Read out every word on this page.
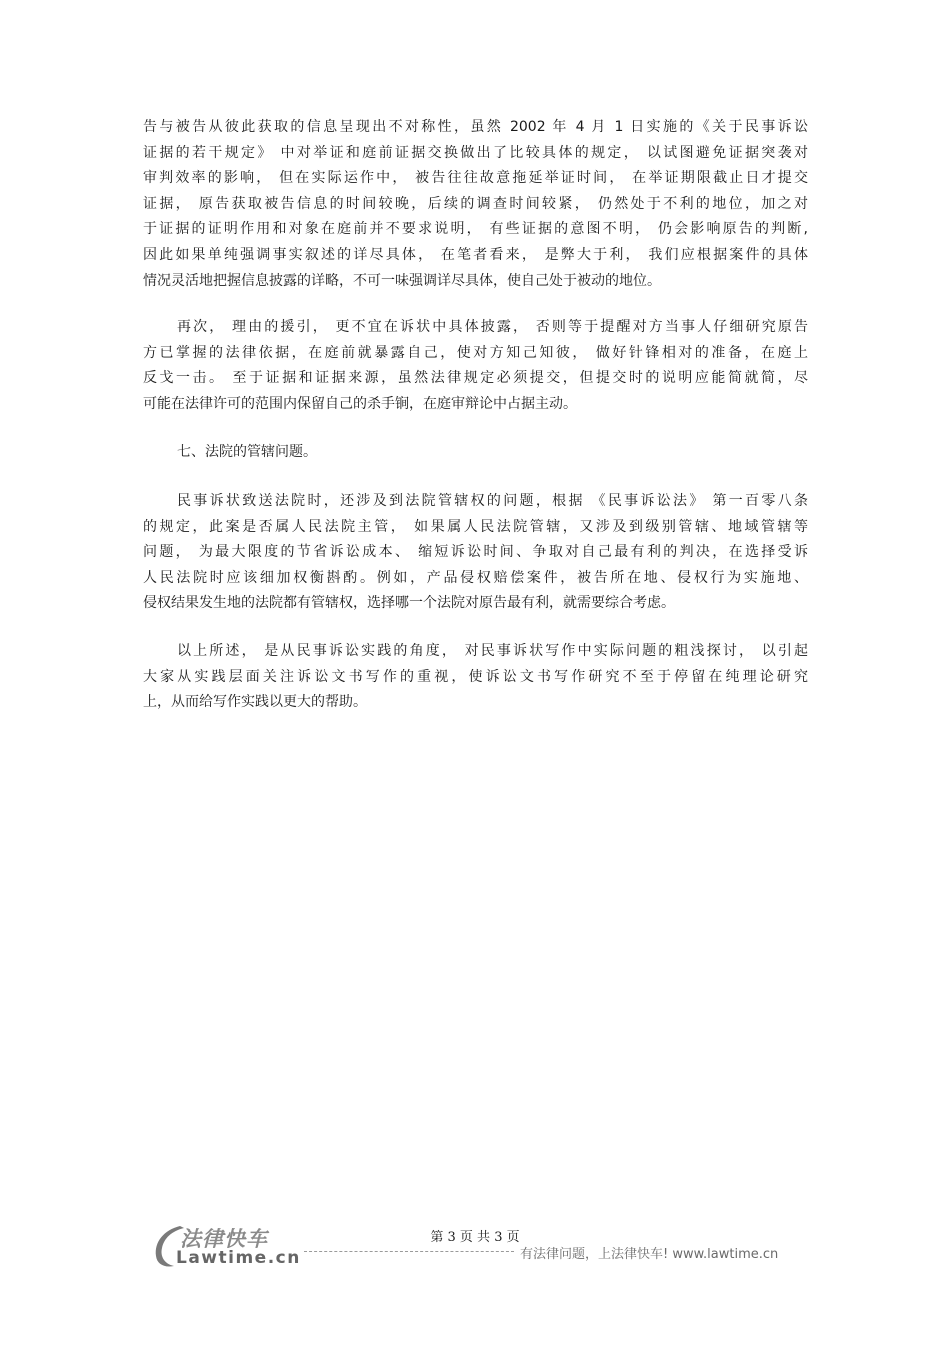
告与被告从彼此获取的信息呈现出不对称性，虽然 2002 年 4 月 1 日实施的《关于民事诉讼
证据的若干规定》 中对举证和庭前证据交换做出了比较具体的规定， 以试图避免证据突袭对
审判效率的影响， 但在实际运作中， 被告往往故意拖延举证时间， 在举证期限截止日才提交
证据， 原告获取被告信息的时间较晚，后续的调查时间较紧， 仍然处于不利的地位，加之对
于证据的证明作用和对象在庭前并不要求说明， 有些证据的意图不明， 仍会影响原告的判断,
因此如果单纯强调事实叙述的详尽具体， 在笔者看来， 是弊大于利， 我们应根据案件的具体
情况灵活地把握信息披露的详略，不可一味强调详尽具体，使自己处于被动的地位。
再次， 理由的援引， 更不宜在诉状中具体披露， 否则等于提醒对方当事人仔细研究原告
方已掌握的法律依据，在庭前就暴露自己，使对方知己知彼， 做好针锋相对的准备，在庭上
反戈一击。 至于证据和证据来源，虽然法律规定必须提交，但提交时的说明应能简就简，尽
可能在法律许可的范围内保留自己的杀手锏，在庭审辩论中占据主动。

七、法院的管辖问题。

民事诉状致送法院时，还涉及到法院管辖权的问题，根据 《民事诉讼法》 第一百零八条
的规定，此案是否属人民法院主管， 如果属人民法院管辖，又涉及到级别管辖、地域管辖等
问题， 为最大限度的节省诉讼成本、 缩短诉讼时间、争取对自己最有利的判决，在选择受诉
人民法院时应该细加权衡斟酌。例如，产品侵权赔偿案件，被告所在地、侵权行为实施地、
侵权结果发生地的法院都有管辖权，选择哪一个法院对原告最有利，就需要综合考虑。
以上所述， 是从民事诉讼实践的角度， 对民事诉状写作中实际问题的粗浅探讨， 以引起
大家从实践层面关注诉讼文书写作的重视，使诉讼文书写作研究不至于停留在纯理论研究
上，从而给写作实践以更大的帮助。
第 3 页 共 3 页
法律快车
Lawtime.cn	有法律问题，上法律快车! www.lawtime.cn
